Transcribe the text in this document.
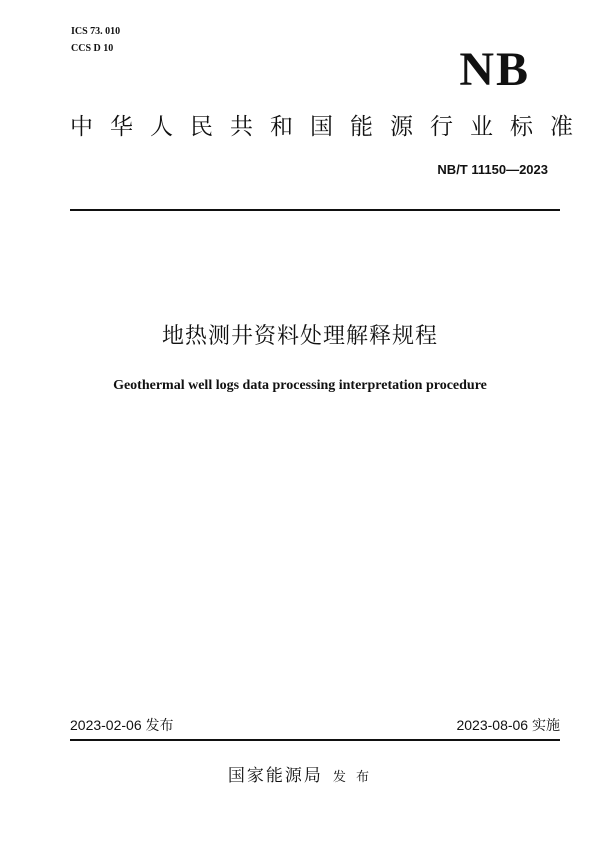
ICS 73. 010
CCS D 10	NB
中华人民共和国能源行业标准
NB/T 11150—2023
地热测井资料处理解释规程
Geothermal well logs data processing interpretation procedure
2023-02-06 发布	2023-08-06 实施
国家能源局 发 布
